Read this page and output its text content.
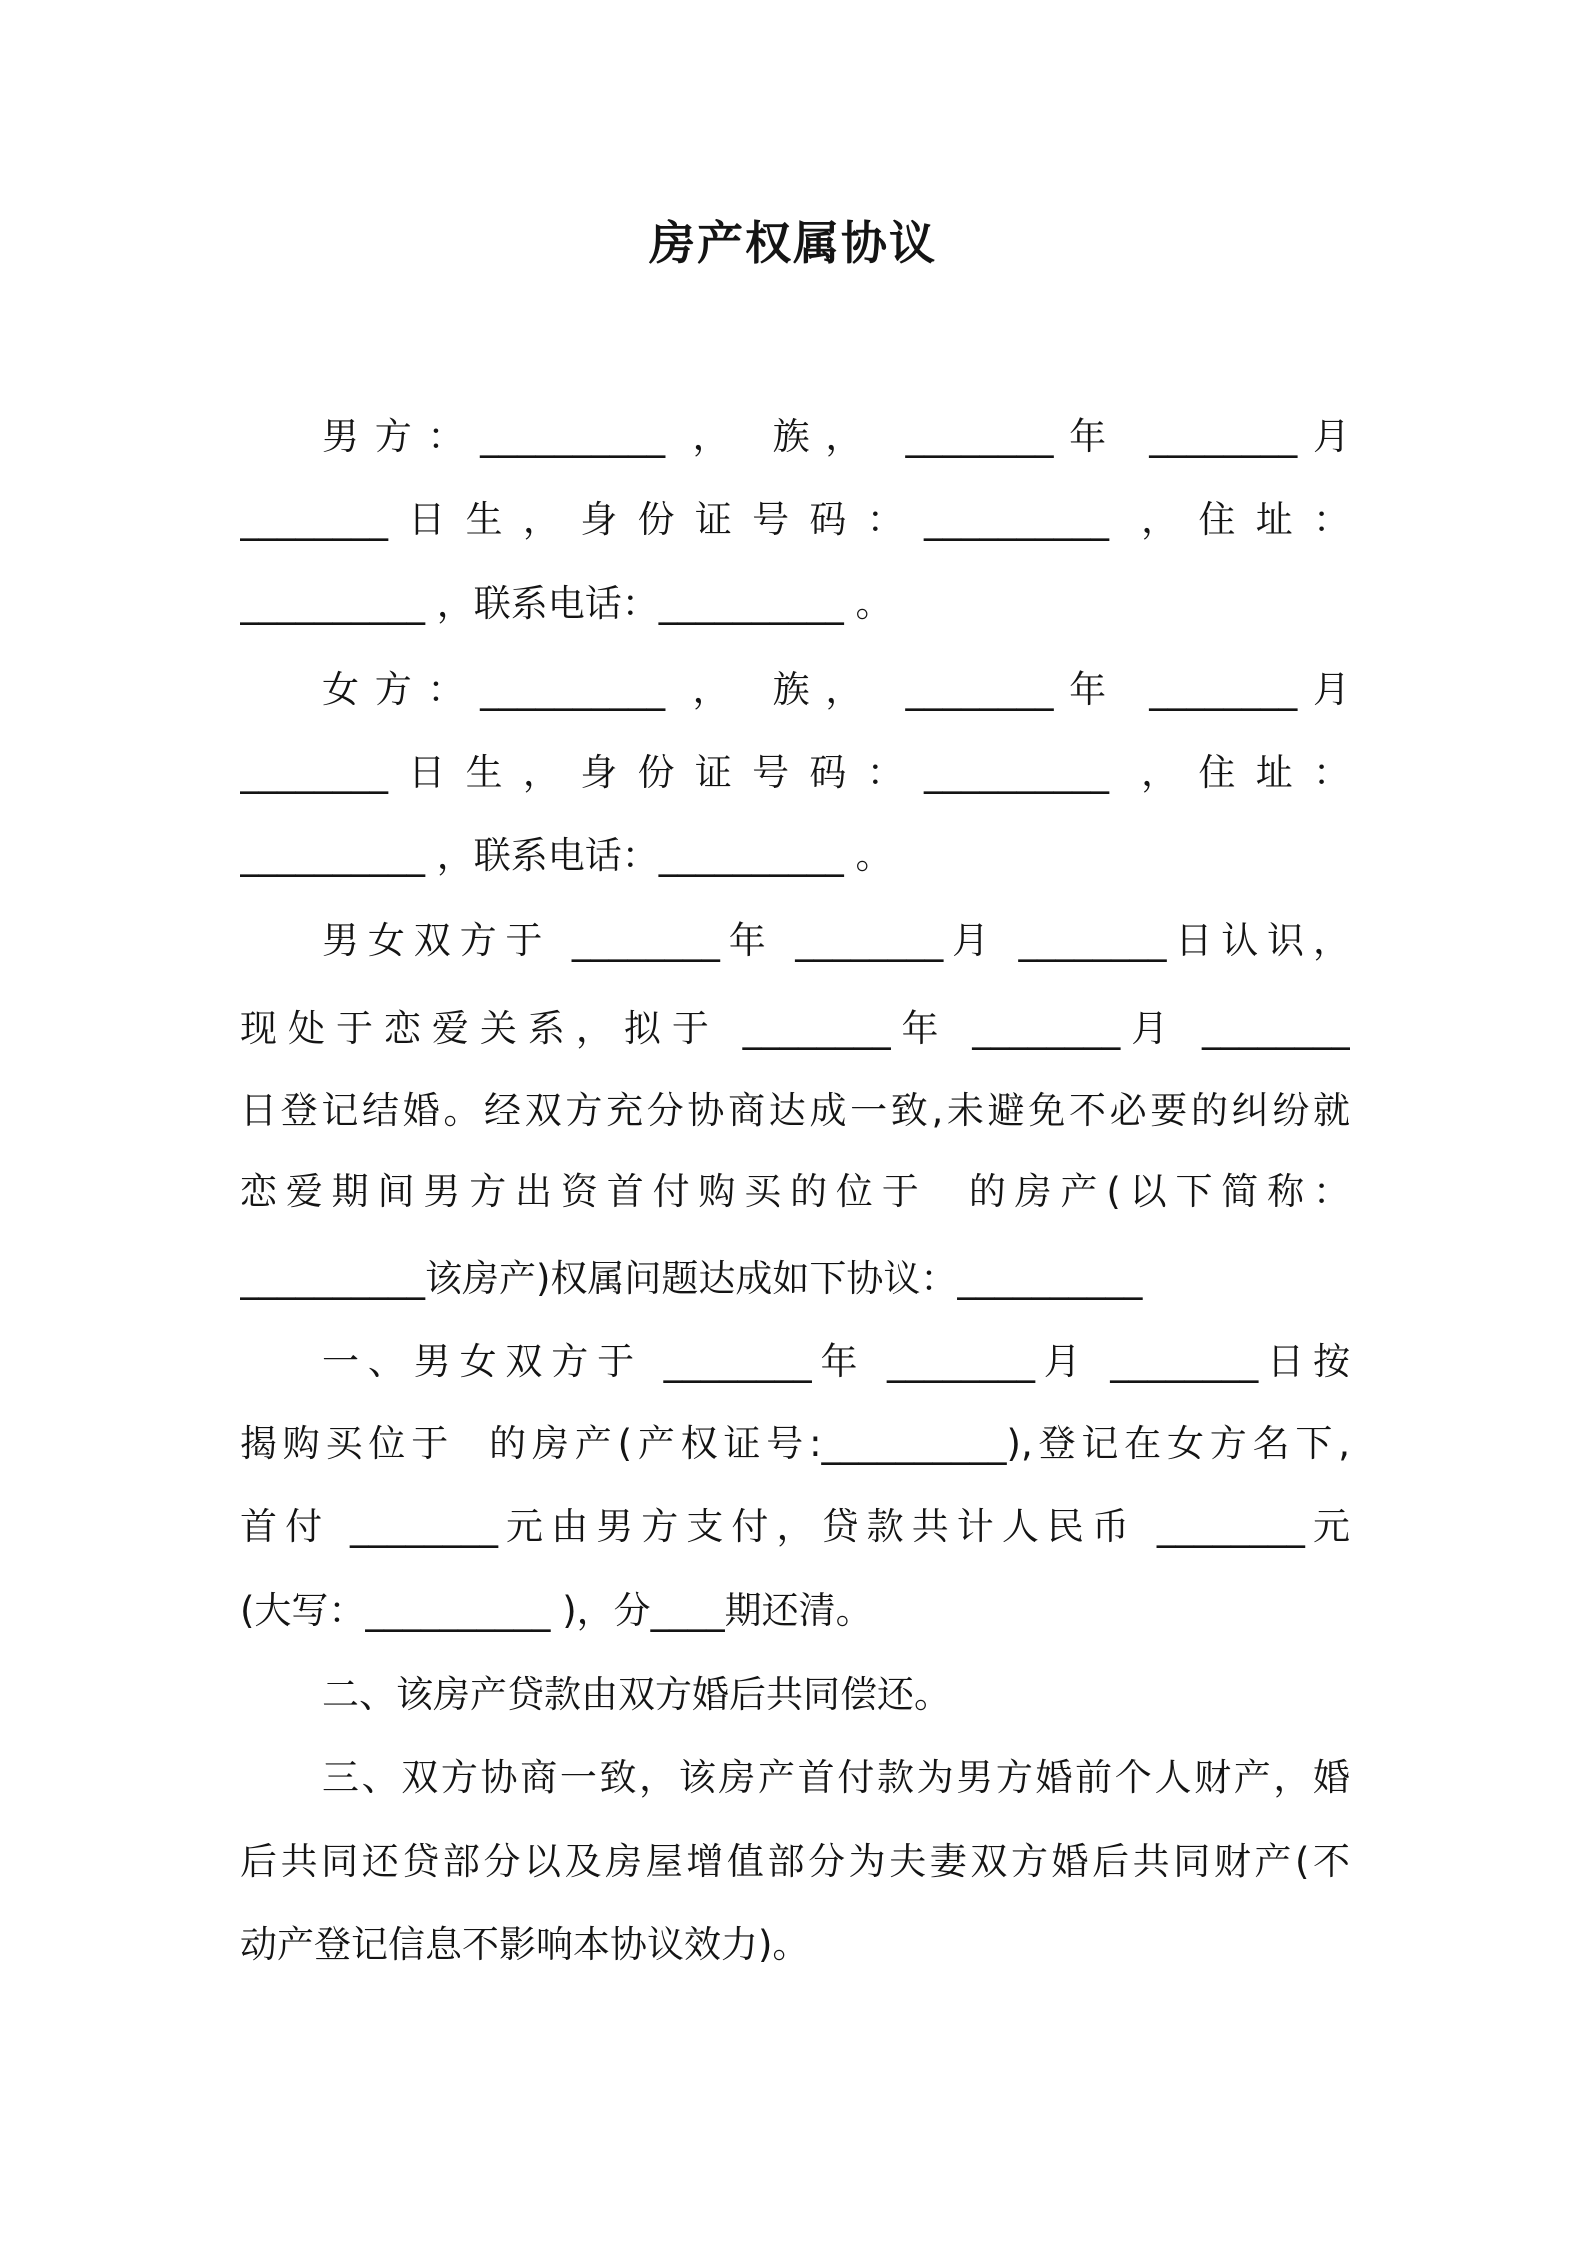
房产权属协议
男方：__________ ， 族， ________年 ________月
________日生，身份证号码：__________ ，住址：
__________ ，联系电话：__________ 。
女方：__________ ， 族， ________年 ________月
________日生，身份证号码：__________ ，住址：
__________ ，联系电话：__________ 。
男女双方于 ________年 ________月 ________日认识，
现处于恋爱关系，拟于 ________年 ________月 ________
日登记结婚。经双方充分协商达成一致,未避免不必要的纠纷就
恋爱期间男方出资首付购买的位于  的房产(以下简称：
__________该房产)权属问题达成如下协议：__________
一、男女双方于 ________年 ________月 ________日按
揭购买位于  的房产(产权证号:__________),登记在女方名下,
首付 ________元由男方支付，贷款共计人民币 ________元
(大写：__________ )，分____期还清。
二、该房产贷款由双方婚后共同偿还。
三、双方协商一致，该房产首付款为男方婚前个人财产，婚
后共同还贷部分以及房屋增值部分为夫妻双方婚后共同财产(不
动产登记信息不影响本协议效力)。
